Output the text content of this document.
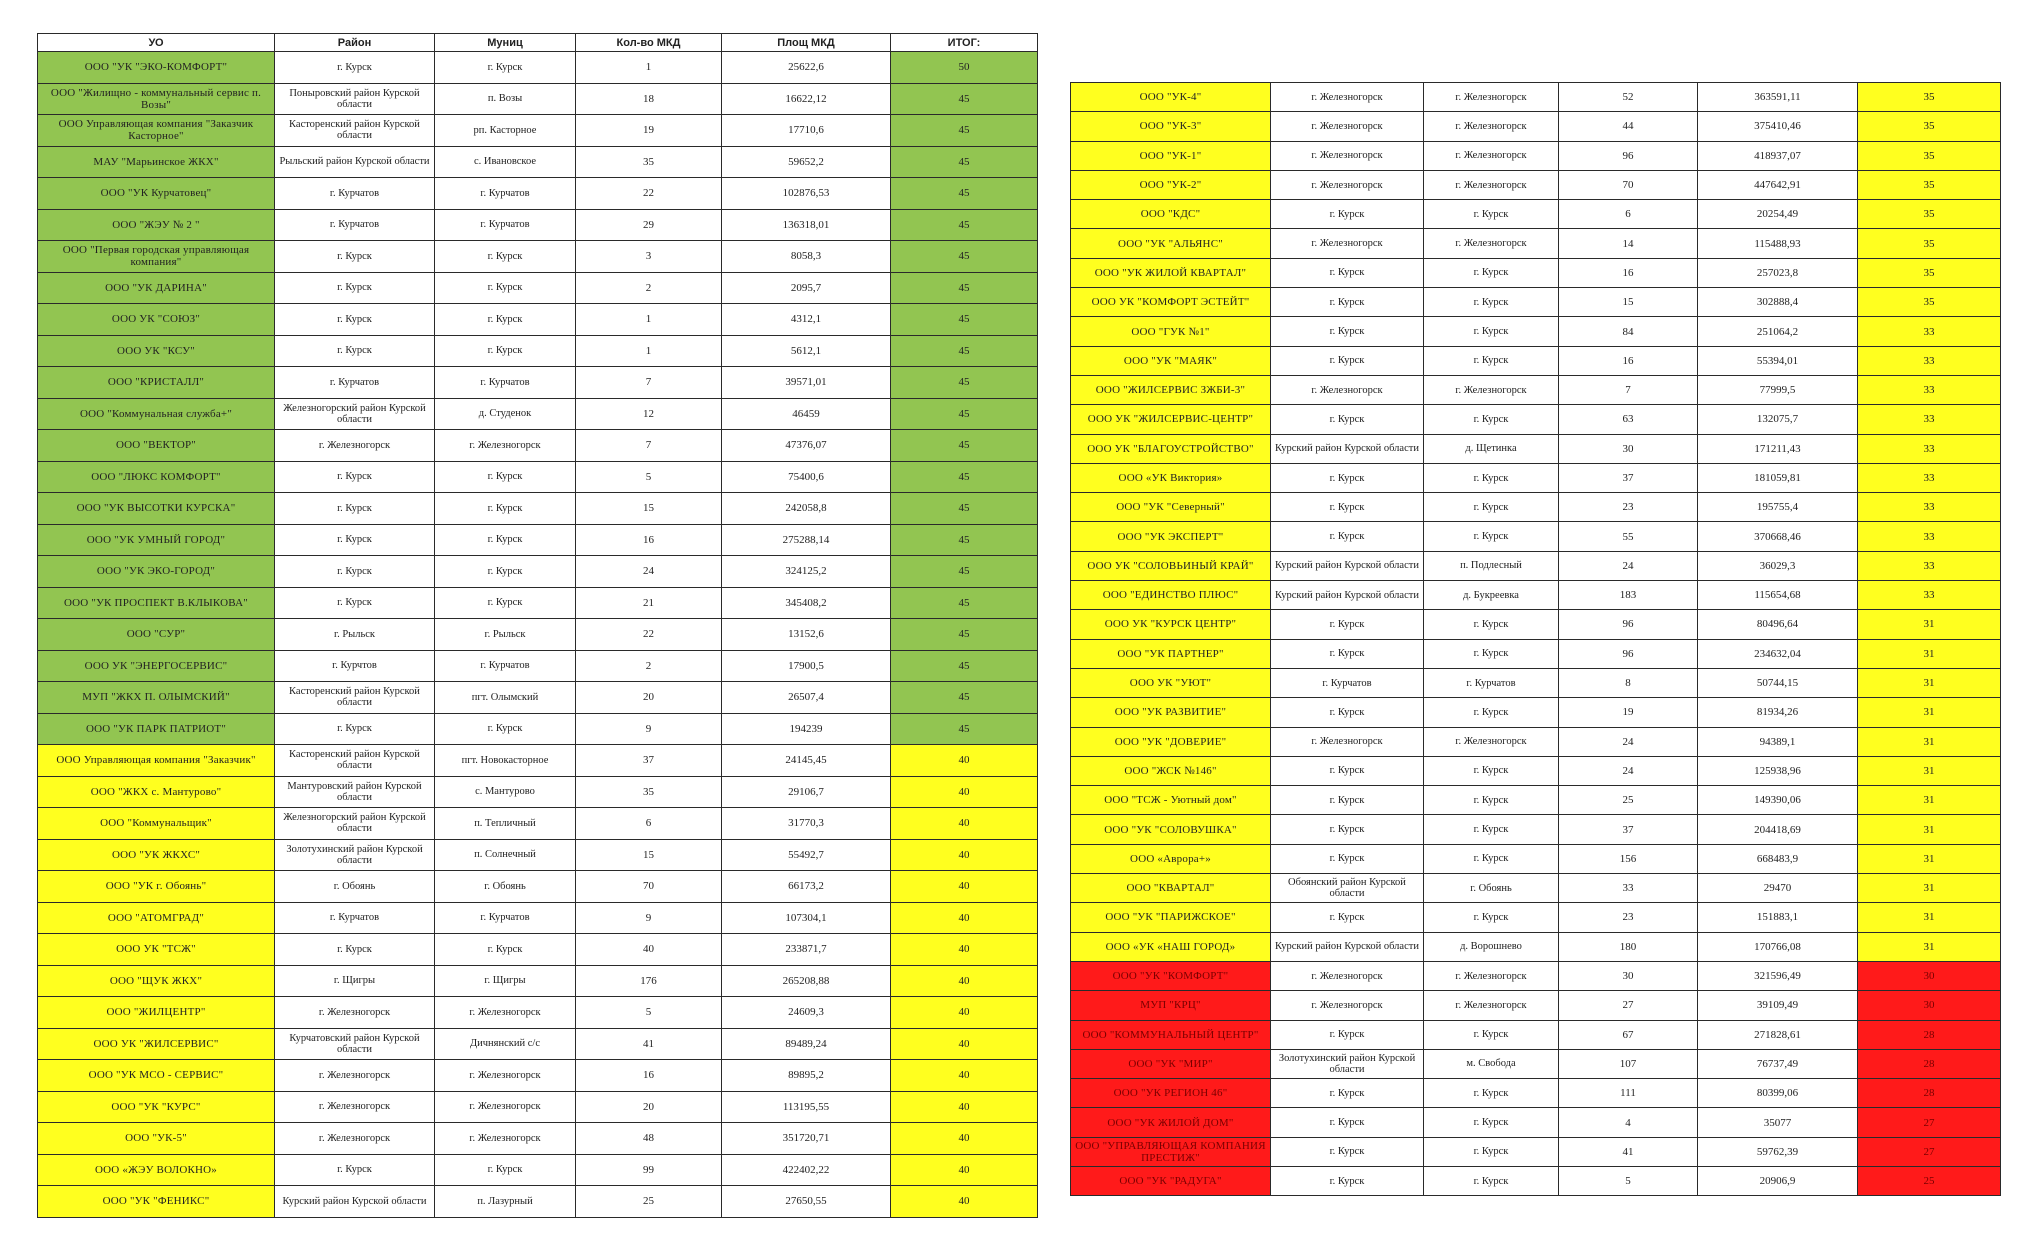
УО	Район	Муниц	Кол-во МКД	Площ МКД	ИТОГ:
ООО "УК "ЭКО-КОМФОРТ"	г. Курск	г. Курск	1	25622,6	50
ООО "Жилищно - коммунальный сервис п. Возы"	Поныровский район Курской области	п. Возы	18	16622,12	45
ООО Управляющая компания "Заказчик Касторное"	Касторенский район Курской области	рп. Касторное	19	17710,6	45
МАУ "Марьинское ЖКХ"	Рыльский район Курской области	с. Ивановское	35	59652,2	45
ООО "УК Курчатовец"	г. Курчатов	г. Курчатов	22	102876,53	45
ООО "ЖЭУ № 2 "	г. Курчатов	г. Курчатов	29	136318,01	45
ООО "Первая городская управляющая компания"	г. Курск	г. Курск	3	8058,3	45
ООО "УК ДАРИНА"	г. Курск	г. Курск	2	2095,7	45
ООО УК "СОЮЗ"	г. Курск	г. Курск	1	4312,1	45
ООО УК "КСУ"	г. Курск	г. Курск	1	5612,1	45
ООО "КРИСТАЛЛ"	г. Курчатов	г. Курчатов	7	39571,01	45
ООО "Коммунальная служба+"	Железногорский район Курской области	д. Студенок	12	46459	45
ООО "ВЕКТОР"	г. Железногорск	г. Железногорск	7	47376,07	45
ООО "ЛЮКС КОМФОРТ"	г. Курск	г. Курск	5	75400,6	45
ООО "УК ВЫСОТКИ КУРСКА"	г. Курск	г. Курск	15	242058,8	45
ООО "УК УМНЫЙ ГОРОД"	г. Курск	г. Курск	16	275288,14	45
ООО "УК ЭКО-ГОРОД"	г. Курск	г. Курск	24	324125,2	45
ООО "УК ПРОСПЕКТ В.КЛЫКОВА"	г. Курск	г. Курск	21	345408,2	45
ООО "СУР"	г. Рыльск	г. Рыльск	22	13152,6	45
ООО УК "ЭНЕРГОСЕРВИС"	г. Курчтов	г. Курчатов	2	17900,5	45
МУП "ЖКХ П. ОЛЫМСКИЙ"	Касторенский район Курской области	пгт. Олымский	20	26507,4	45
ООО "УК ПАРК ПАТРИОТ"	г. Курск	г. Курск	9	194239	45
ООО Управляющая компания "Заказчик"	Касторенский район Курской области	пгт. Новокасторное	37	24145,45	40
ООО "ЖКХ с. Мантурово"	Мантуровский район Курской области	с. Мантурово	35	29106,7	40
ООО "Коммунальщик"	Железногорский район Курской области	п. Тепличный	6	31770,3	40
ООО "УК ЖКХС"	Золотухинский район Курской области	п. Солнечный	15	55492,7	40
ООО "УК г. Обоянь"	г. Обоянь	г. Обоянь	70	66173,2	40
ООО "АТОМГРАД"	г. Курчатов	г. Курчатов	9	107304,1	40
ООО УК "ТСЖ"	г. Курск	г. Курск	40	233871,7	40
ООО "ЩУК ЖКХ"	г. Щигры	г. Щигры	176	265208,88	40
ООО "ЖИЛЦЕНТР"	г. Железногорск	г. Железногорск	5	24609,3	40
ООО УК "ЖИЛСЕРВИС"	Курчатовский район Курской области	Дичнянский с/с	41	89489,24	40
ООО "УК МСО - СЕРВИС"	г. Железногорск	г. Железногорск	16	89895,2	40
ООО "УК "КУРС"	г. Железногорск	г. Железногорск	20	113195,55	40
ООО "УК-5"	г. Железногорск	г. Железногорск	48	351720,71	40
ООО «ЖЭУ ВОЛОКНО»	г. Курск	г. Курск	99	422402,22	40
ООО "УК "ФЕНИКС"	Курский район Курской области	п. Лазурный	25	27650,55	40
ООО "УК-4"	г. Железногорск	г. Железногорск	52	363591,11	35
ООО "УК-3"	г. Железногорск	г. Железногорск	44	375410,46	35
ООО "УК-1"	г. Железногорск	г. Железногорск	96	418937,07	35
ООО "УК-2"	г. Железногорск	г. Железногорск	70	447642,91	35
ООО "КДС"	г. Курск	г. Курск	6	20254,49	35
ООО "УК "АЛЬЯНС"	г. Железногорск	г. Железногорск	14	115488,93	35
ООО "УК ЖИЛОЙ КВАРТАЛ"	г. Курск	г. Курск	16	257023,8	35
ООО УК "КОМФОРТ ЭСТЕЙТ"	г. Курск	г. Курск	15	302888,4	35
ООО "ГУК №1"	г. Курск	г. Курск	84	251064,2	33
ООО "УК "МАЯК"	г. Курск	г. Курск	16	55394,01	33
ООО "ЖИЛСЕРВИС ЗЖБИ-3"	г. Железногорск	г. Железногорск	7	77999,5	33
ООО УК "ЖИЛСЕРВИС-ЦЕНТР"	г. Курск	г. Курск	63	132075,7	33
ООО УК "БЛАГОУСТРОЙСТВО"	Курский район Курской области	д. Щетинка	30	171211,43	33
ООО «УК Виктория»	г. Курск	г. Курск	37	181059,81	33
ООО "УК "Северный"	г. Курск	г. Курск	23	195755,4	33
ООО "УК ЭКСПЕРТ"	г. Курск	г. Курск	55	370668,46	33
ООО УК "СОЛОВЬИНЫЙ КРАЙ"	Курский район Курской области	п. Подлесный	24	36029,3	33
ООО "ЕДИНСТВО ПЛЮС"	Курский район Курской области	д. Букреевка	183	115654,68	33
ООО УК "КУРСК ЦЕНТР"	г. Курск	г. Курск	96	80496,64	31
ООО "УК ПАРТНЕР"	г. Курск	г. Курск	96	234632,04	31
ООО УК "УЮТ"	г. Курчатов	г. Курчатов	8	50744,15	31
ООО "УК РАЗВИТИЕ"	г. Курск	г. Курск	19	81934,26	31
ООО "УК "ДОВЕРИЕ"	г. Железногорск	г. Железногорск	24	94389,1	31
ООО "ЖСК №146"	г. Курск	г. Курск	24	125938,96	31
ООО "ТСЖ - Уютный дом"	г. Курск	г. Курск	25	149390,06	31
ООО "УК "СОЛОВУШКА"	г. Курск	г. Курск	37	204418,69	31
ООО «Аврора+»	г. Курск	г. Курск	156	668483,9	31
ООО "КВАРТАЛ"	Обоянский район Курской области	г. Обоянь	33	29470	31
ООО "УК "ПАРИЖСКОЕ"	г. Курск	г. Курск	23	151883,1	31
ООО «УК «НАШ ГОРОД»	Курский район Курской области	д. Ворошнево	180	170766,08	31
ООО "УК "КОМФОРТ"	г. Железногорск	г. Железногорск	30	321596,49	30
МУП "КРЦ"	г. Железногорск	г. Железногорск	27	39109,49	30
ООО "КОММУНАЛЬНЫЙ ЦЕНТР"	г. Курск	г. Курск	67	271828,61	28
ООО "УК "МИР"	Золотухинский район Курской области	м. Свобода	107	76737,49	28
ООО "УК РЕГИОН 46"	г. Курск	г. Курск	111	80399,06	28
ООО "УК ЖИЛОЙ ДОМ"	г. Курск	г. Курск	4	35077	27
ООО "УПРАВЛЯЮЩАЯ КОМПАНИЯ ПРЕСТИЖ"	г. Курск	г. Курск	41	59762,39	27
ООО "УК "РАДУГА"	г. Курск	г. Курск	5	20906,9	25
